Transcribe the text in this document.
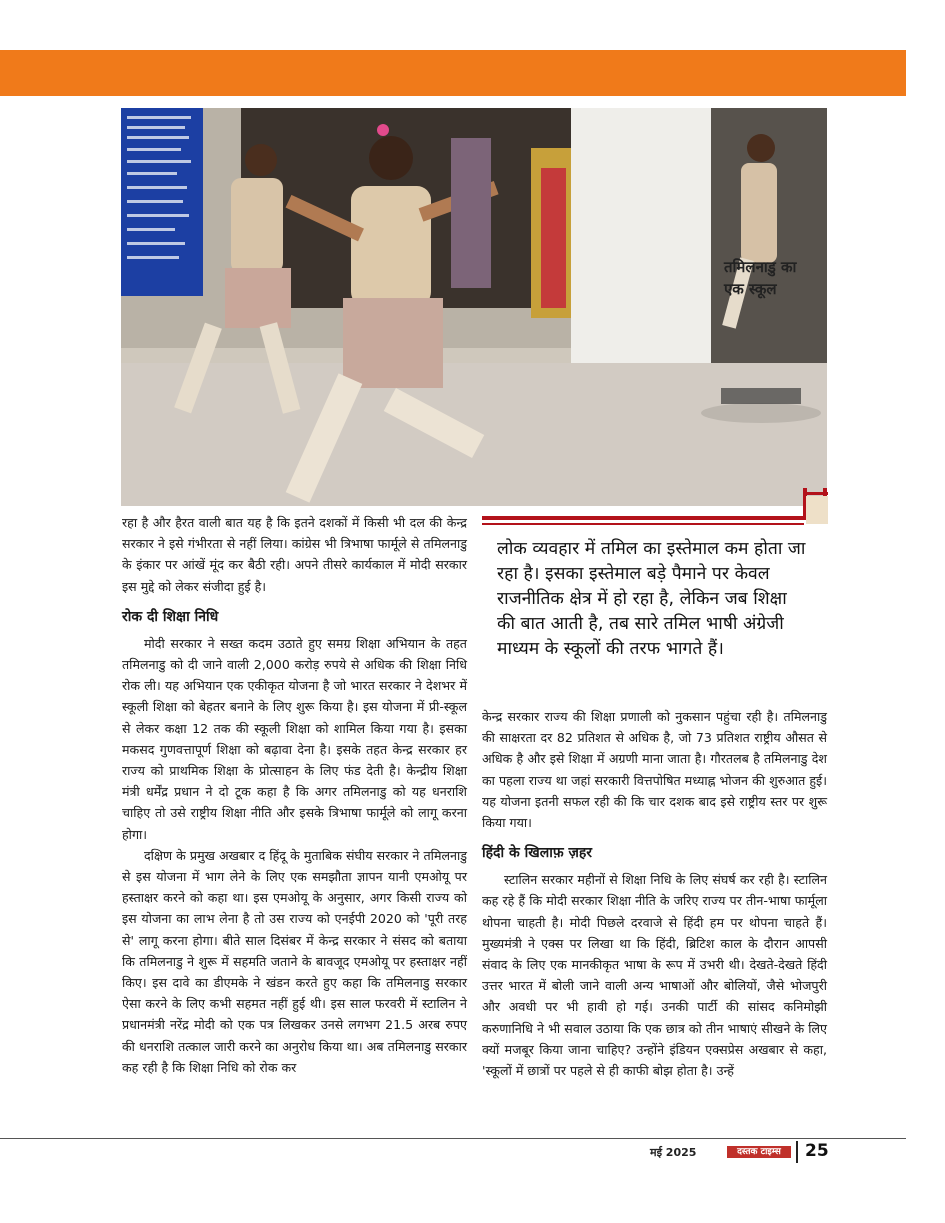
तमिलनाडु का
एक स्कूल

रहा है और हैरत वाली बात यह है कि इतने दशकों में किसी भी दल की केन्द्र सरकार ने इसे गंभीरता से नहीं लिया। कांग्रेस भी त्रिभाषा फार्मूले से तमिलनाडु के इंकार पर आंखें मूंद कर बैठी रही। अपने तीसरे कार्यकाल में मोदी सरकार इस मुद्दे को लेकर संजीदा हुई है।

रोक दी शिक्षा निधि

मोदी सरकार ने सख्त कदम उठाते हुए समग्र शिक्षा अभियान के तहत तमिलनाडु को दी जाने वाली 2,000 करोड़ रुपये से अधिक की शिक्षा निधि रोक ली। यह अभियान एक एकीकृत योजना है जो भारत सरकार ने देशभर में स्कूली शिक्षा को बेहतर बनाने के लिए शुरू किया है। इस योजना में प्री-स्कूल से लेकर कक्षा 12 तक की स्कूली शिक्षा को शामिल किया गया है। इसका मकसद गुणवत्तापूर्ण शिक्षा को बढ़ावा देना है। इसके तहत केन्द्र सरकार हर राज्य को प्राथमिक शिक्षा के प्रोत्साहन के लिए फंड देती है। केन्द्रीय शिक्षा मंत्री धर्मेंद्र प्रधान ने दो टूक कहा है कि अगर तमिलनाडु को यह धनराशि चाहिए तो उसे राष्ट्रीय शिक्षा नीति और इसके त्रिभाषा फार्मूले को लागू करना होगा।

दक्षिण के प्रमुख अखबार द हिंदू के मुताबिक संघीय सरकार ने तमिलनाडु से इस योजना में भाग लेने के लिए एक समझौता ज्ञापन यानी एमओयू पर हस्ताक्षर करने को कहा था। इस एमओयू के अनुसार, अगर किसी राज्य को इस योजना का लाभ लेना है तो उस राज्य को एनईपी 2020 को 'पूरी तरह से' लागू करना होगा। बीते साल दिसंबर में केन्द्र सरकार ने संसद को बताया कि तमिलनाडु ने शुरू में सहमति जताने के बावजूद एमओयू पर हस्ताक्षर नहीं किए। इस दावे का डीएमके ने खंडन करते हुए कहा कि तमिलनाडु सरकार ऐसा करने के लिए कभी सहमत नहीं हुई थी। इस साल फरवरी में स्टालिन ने प्रधानमंत्री नरेंद्र मोदी को एक पत्र लिखकर उनसे लगभग 21.5 अरब रुपए की धनराशि तत्काल जारी करने का अनुरोध किया था। अब तमिलनाडु सरकार कह रही है कि शिक्षा निधि को रोक कर

लोक व्यवहार में तमिल का इस्तेमाल कम होता जा रहा है। इसका इस्तेमाल बड़े पैमाने पर केवल राजनीतिक क्षेत्र में हो रहा है, लेकिन जब शिक्षा की बात आती है, तब सारे तमिल भाषी अंग्रेजी माध्यम के स्कूलों की तरफ भागते हैं।

केन्द्र सरकार राज्य की शिक्षा प्रणाली को नुकसान पहुंचा रही है। तमिलनाडु की साक्षरता दर 82 प्रतिशत से अधिक है, जो 73 प्रतिशत राष्ट्रीय औसत से अधिक है और इसे शिक्षा में अग्रणी माना जाता है। गौरतलब है तमिलनाडु देश का पहला राज्य था जहां सरकारी वित्तपोषित मध्याह्न भोजन की शुरुआत हुई। यह योजना इतनी सफल रही की कि चार दशक बाद इसे राष्ट्रीय स्तर पर शुरू किया गया।

हिंदी के खिलाफ़ ज़हर

स्टालिन सरकार महीनों से शिक्षा निधि के लिए संघर्ष कर रही है। स्टालिन कह रहे हैं कि मोदी सरकार शिक्षा नीति के जरिए राज्य पर तीन-भाषा फार्मूला थोपना चाहती है। मोदी पिछले दरवाजे से हिंदी हम पर थोपना चाहते हैं। मुख्यमंत्री ने एक्स पर लिखा था कि हिंदी, ब्रिटिश काल के दौरान आपसी संवाद के लिए एक मानकीकृत भाषा के रूप में उभरी थी। देखते-देखते हिंदी उत्तर भारत में बोली जाने वाली अन्य भाषाओं और बोलियों, जैसे भोजपुरी और अवधी पर भी हावी हो गई। उनकी पार्टी की सांसद कनिमोझी करुणानिधि ने भी सवाल उठाया कि एक छात्र को तीन भाषाएं सीखने के लिए क्यों मजबूर किया जाना चाहिए? उन्होंने इंडियन एक्सप्रेस अखबार से कहा, 'स्कूलों में छात्रों पर पहले से ही काफी बोझ होता है। उन्हें

मई 2025	दस्तक टाइम्स	25
